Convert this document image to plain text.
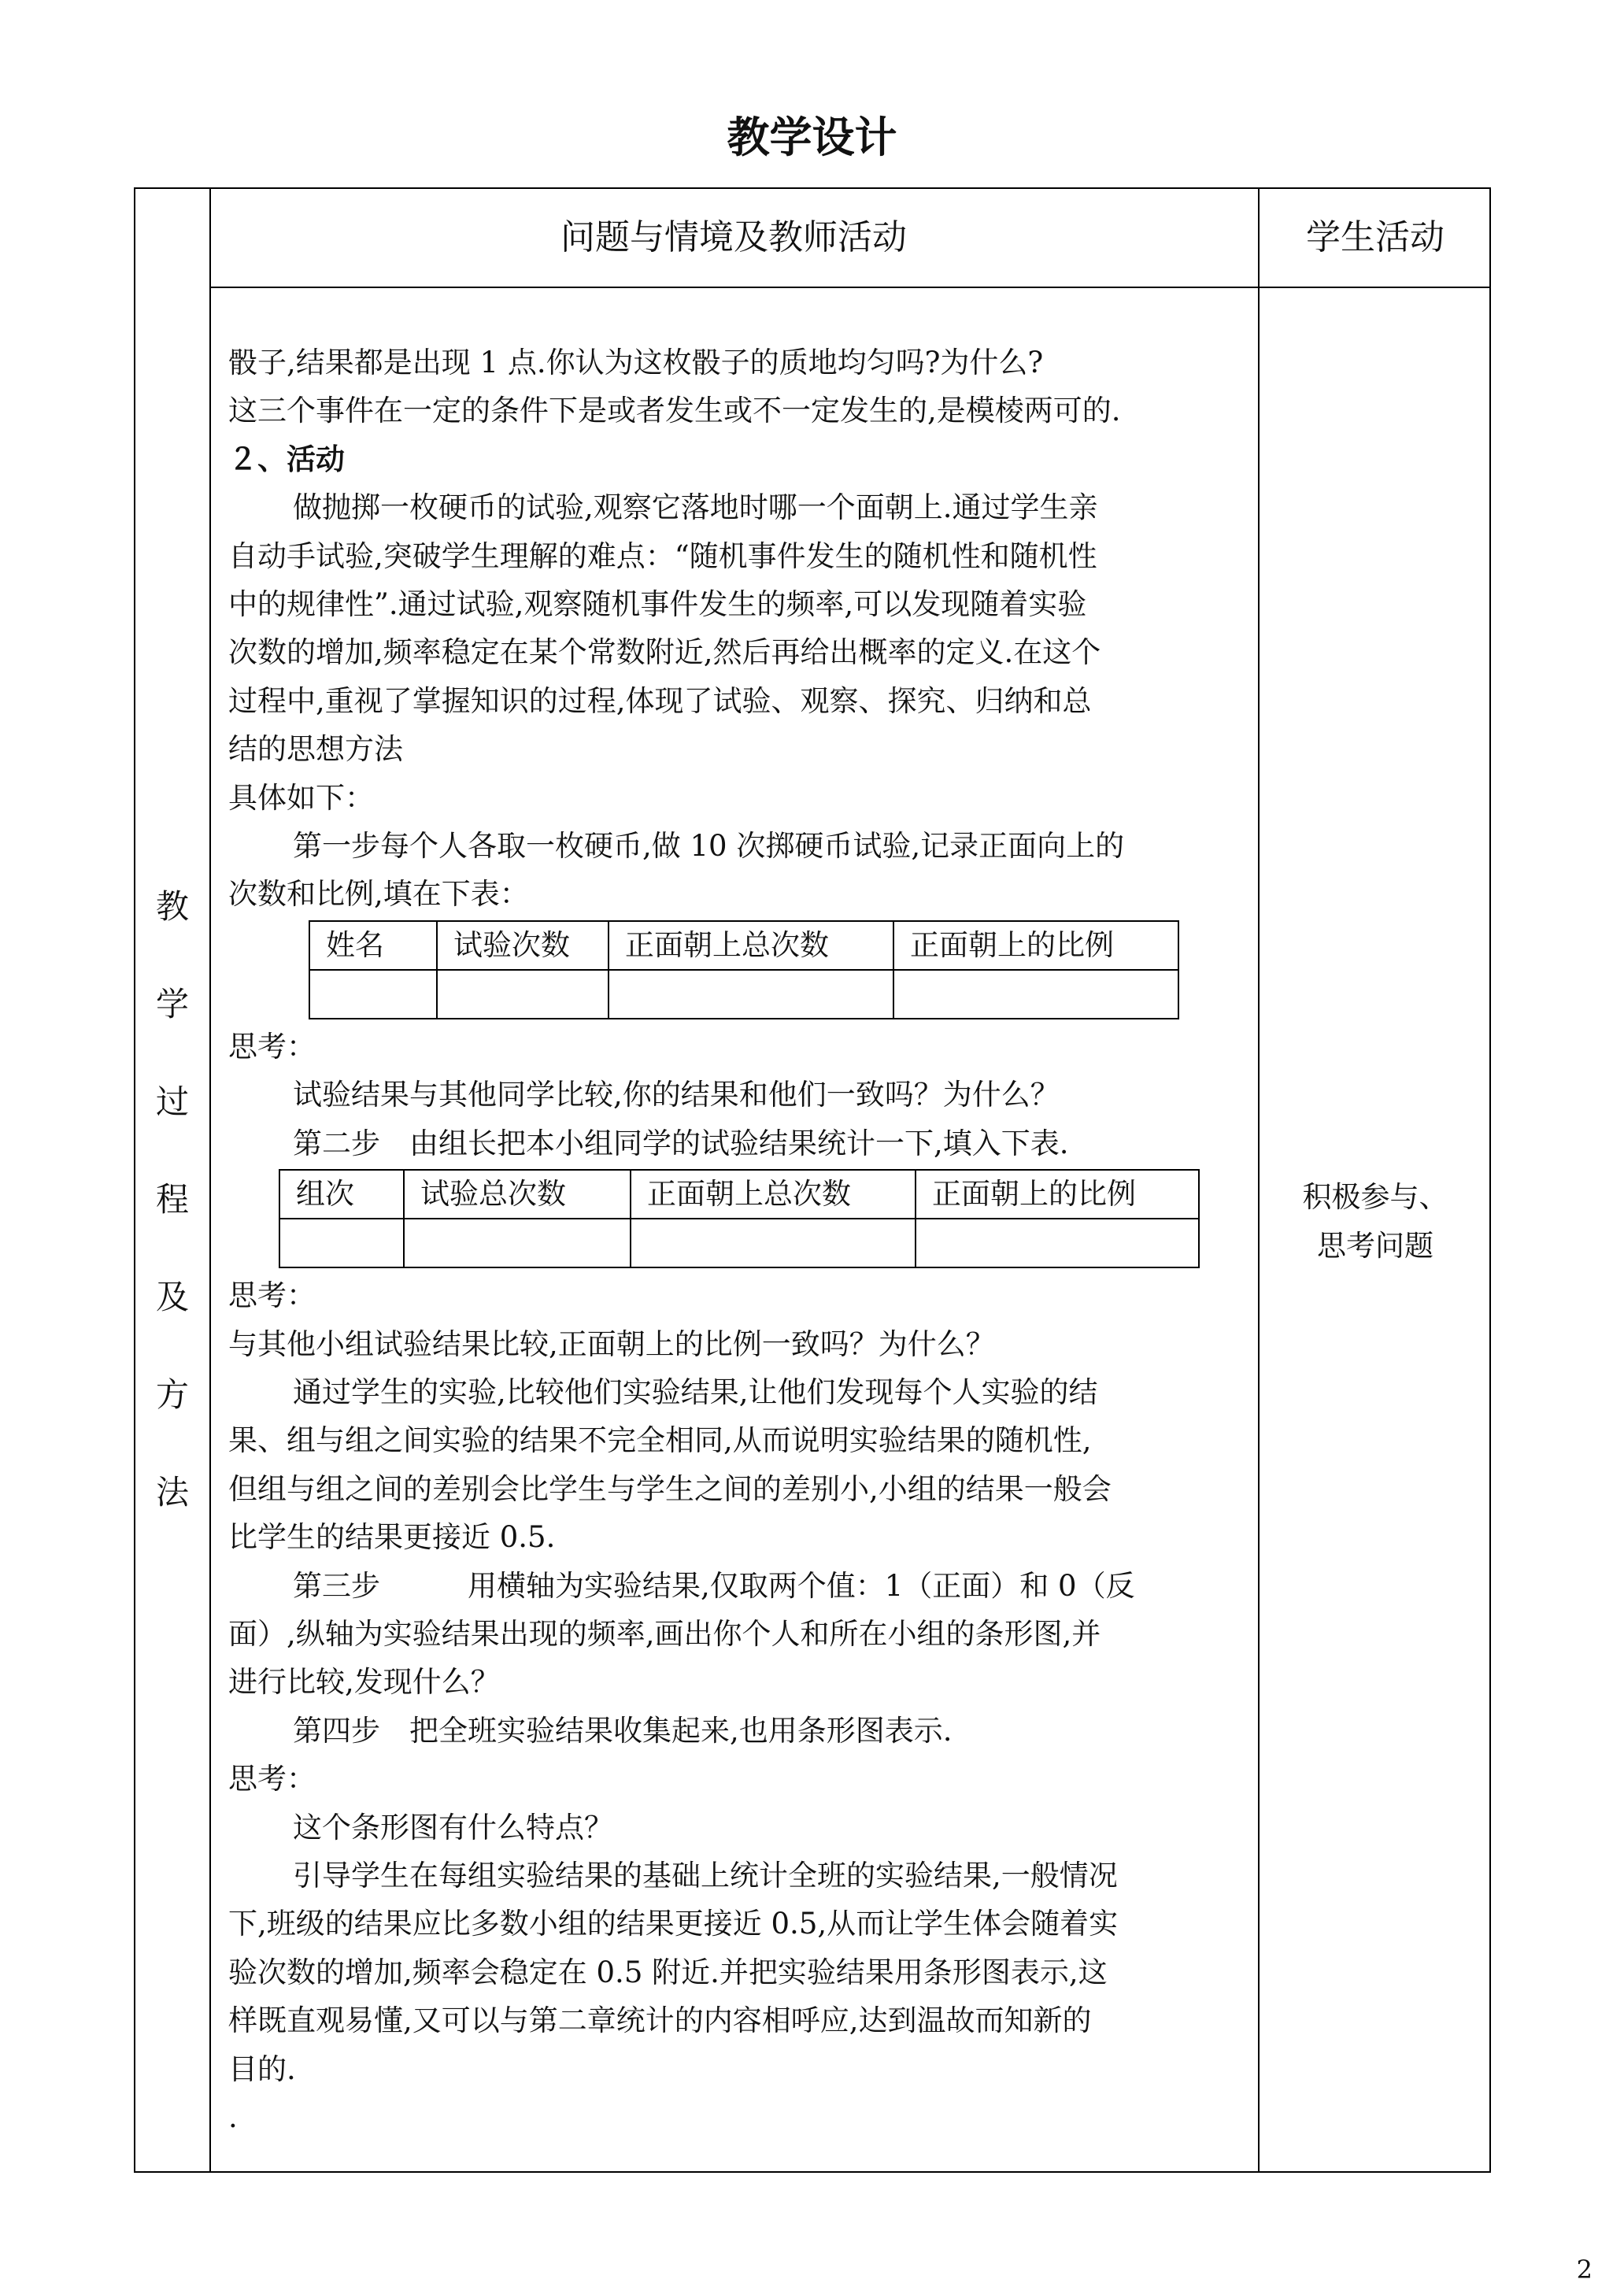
教学设计
问题与情境及教师活动	学生活动
教
学
过
程
及
方
法

骰子,结果都是出现 1 点.你认为这枚骰子的质地均匀吗?为什么?

这三个事件在一定的条件下是或者发生或不一定发生的,是模棱两可的.

２、活动

做抛掷一枚硬币的试验,观察它落地时哪一个面朝上.通过学生亲

自动手试验,突破学生理解的难点：“随机事件发生的随机性和随机性

中的规律性”.通过试验,观察随机事件发生的频率,可以发现随着实验

次数的增加,频率稳定在某个常数附近,然后再给出概率的定义.在这个

过程中,重视了掌握知识的过程,体现了试验、观察、探究、归纳和总

结的思想方法

具体如下：

第一步每个人各取一枚硬币,做 10 次掷硬币试验,记录正面向上的

次数和比例,填在下表：

姓名	试验次数	正面朝上总次数	正面朝上的比例

思考：

试验结果与其他同学比较,你的结果和他们一致吗？为什么？

第二步　由组长把本小组同学的试验结果统计一下,填入下表.

组次	试验总次数	正面朝上总次数	正面朝上的比例

思考：

与其他小组试验结果比较,正面朝上的比例一致吗？为什么？

通过学生的实验,比较他们实验结果,让他们发现每个人实验的结

果、组与组之间实验的结果不完全相同,从而说明实验结果的随机性,

但组与组之间的差别会比学生与学生之间的差别小,小组的结果一般会

比学生的结果更接近 0.5.

第三步　　　用横轴为实验结果,仅取两个值：1（正面）和 0（反

面）,纵轴为实验结果出现的频率,画出你个人和所在小组的条形图,并

进行比较,发现什么？

第四步　把全班实验结果收集起来,也用条形图表示.

思考：

这个条形图有什么特点？

引导学生在每组实验结果的基础上统计全班的实验结果,一般情况

下,班级的结果应比多数小组的结果更接近 0.5,从而让学生体会随着实

验次数的增加,频率会稳定在 0.5 附近.并把实验结果用条形图表示,这

样既直观易懂,又可以与第二章统计的内容相呼应,达到温故而知新的

目的.

.

积极参与、
思考问题
2
